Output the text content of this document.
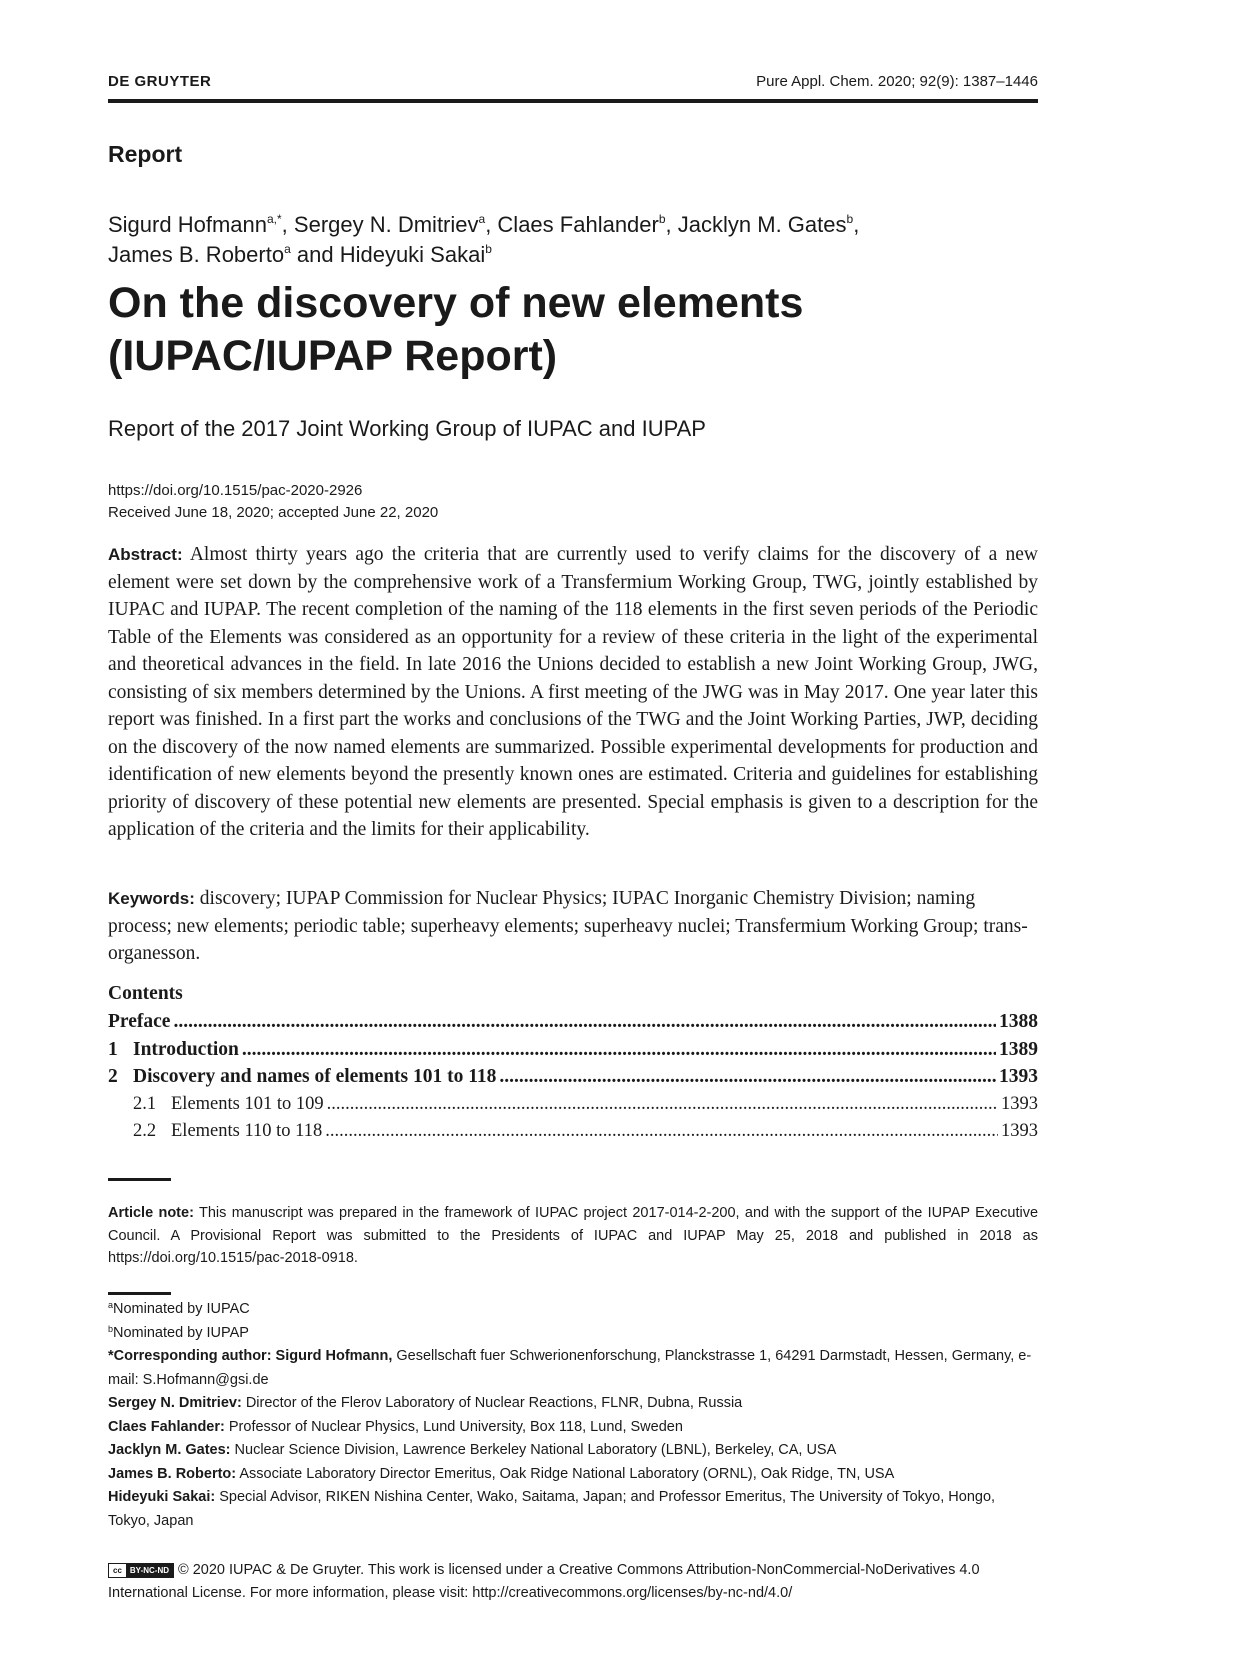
DE GRUYTER	Pure Appl. Chem. 2020; 92(9): 1387–1446
Report
Sigurd Hofmann$^{a,*}$, Sergey N. Dmitriev$^a$, Claes Fahlander$^b$, Jacklyn M. Gates$^b$,
James B. Roberto$^a$ and Hideyuki Sakai$^b$
On the discovery of new elements
(IUPAC/IUPAP Report)
Report of the 2017 Joint Working Group of IUPAC and IUPAP
https://doi.org/10.1515/pac-2020-2926
Received June 18, 2020; accepted June 22, 2020

Abstract: Almost thirty years ago the criteria that are currently used to verify claims for the discovery of a new element were set down by the comprehensive work of a Transfermium Working Group, TWG, jointly established by IUPAC and IUPAP. The recent completion of the naming of the 118 elements in the first seven periods of the Periodic Table of the Elements was considered as an opportunity for a review of these criteria in the light of the experimental and theoretical advances in the field. In late 2016 the Unions decided to establish a new Joint Working Group, JWG, consisting of six members determined by the Unions. A first meeting of the JWG was in May 2017. One year later this report was finished. In a first part the works and conclusions of the TWG and the Joint Working Parties, JWP, deciding on the discovery of the now named elements are summarized. Possible experimental developments for production and identification of new elements beyond the presently known ones are estimated. Criteria and guidelines for establishing priority of discovery of these potential new elements are presented. Special emphasis is given to a description for the application of the criteria and the limits for their applicability.

Keywords: discovery; IUPAP Commission for Nuclear Physics; IUPAC Inorganic Chemistry Division; naming process; new elements; periodic table; superheavy elements; superheavy nuclei; Transfermium Working Group; trans-organesson.

Contents
Preface .....	1388
1 Introduction .....	1389
2 Discovery and names of elements 101 to 118 .....	1393
2.1 Elements 101 to 109 .....	1393
2.2 Elements 110 to 118 .....	1393

Article note: This manuscript was prepared in the framework of IUPAC project 2017-014-2-200, and with the support of the IUPAP Executive Council. A Provisional Report was submitted to the Presidents of IUPAC and IUPAP May 25, 2018 and published in 2018 as https://doi.org/10.1515/pac-2018-0918.

$^a$Nominated by IUPAC

$^b$Nominated by IUPAP

*Corresponding author: Sigurd Hofmann, Gesellschaft fuer Schwerionenforschung, Planckstrasse 1, 64291 Darmstadt, Hessen, Germany, e-mail: S.Hofmann@gsi.de

Sergey N. Dmitriev: Director of the Flerov Laboratory of Nuclear Reactions, FLNR, Dubna, Russia

Claes Fahlander: Professor of Nuclear Physics, Lund University, Box 118, Lund, Sweden

Jacklyn M. Gates: Nuclear Science Division, Lawrence Berkeley National Laboratory (LBNL), Berkeley, CA, USA

James B. Roberto: Associate Laboratory Director Emeritus, Oak Ridge National Laboratory (ORNL), Oak Ridge, TN, USA

Hideyuki Sakai: Special Advisor, RIKEN Nishina Center, Wako, Saitama, Japan; and Professor Emeritus, The University of Tokyo, Hongo, Tokyo, Japan

cc BY-NC-ND © 2020 IUPAC & De Gruyter. This work is licensed under a Creative Commons Attribution-NonCommercial-NoDerivatives 4.0 International License. For more information, please visit: http://creativecommons.org/licenses/by-nc-nd/4.0/
